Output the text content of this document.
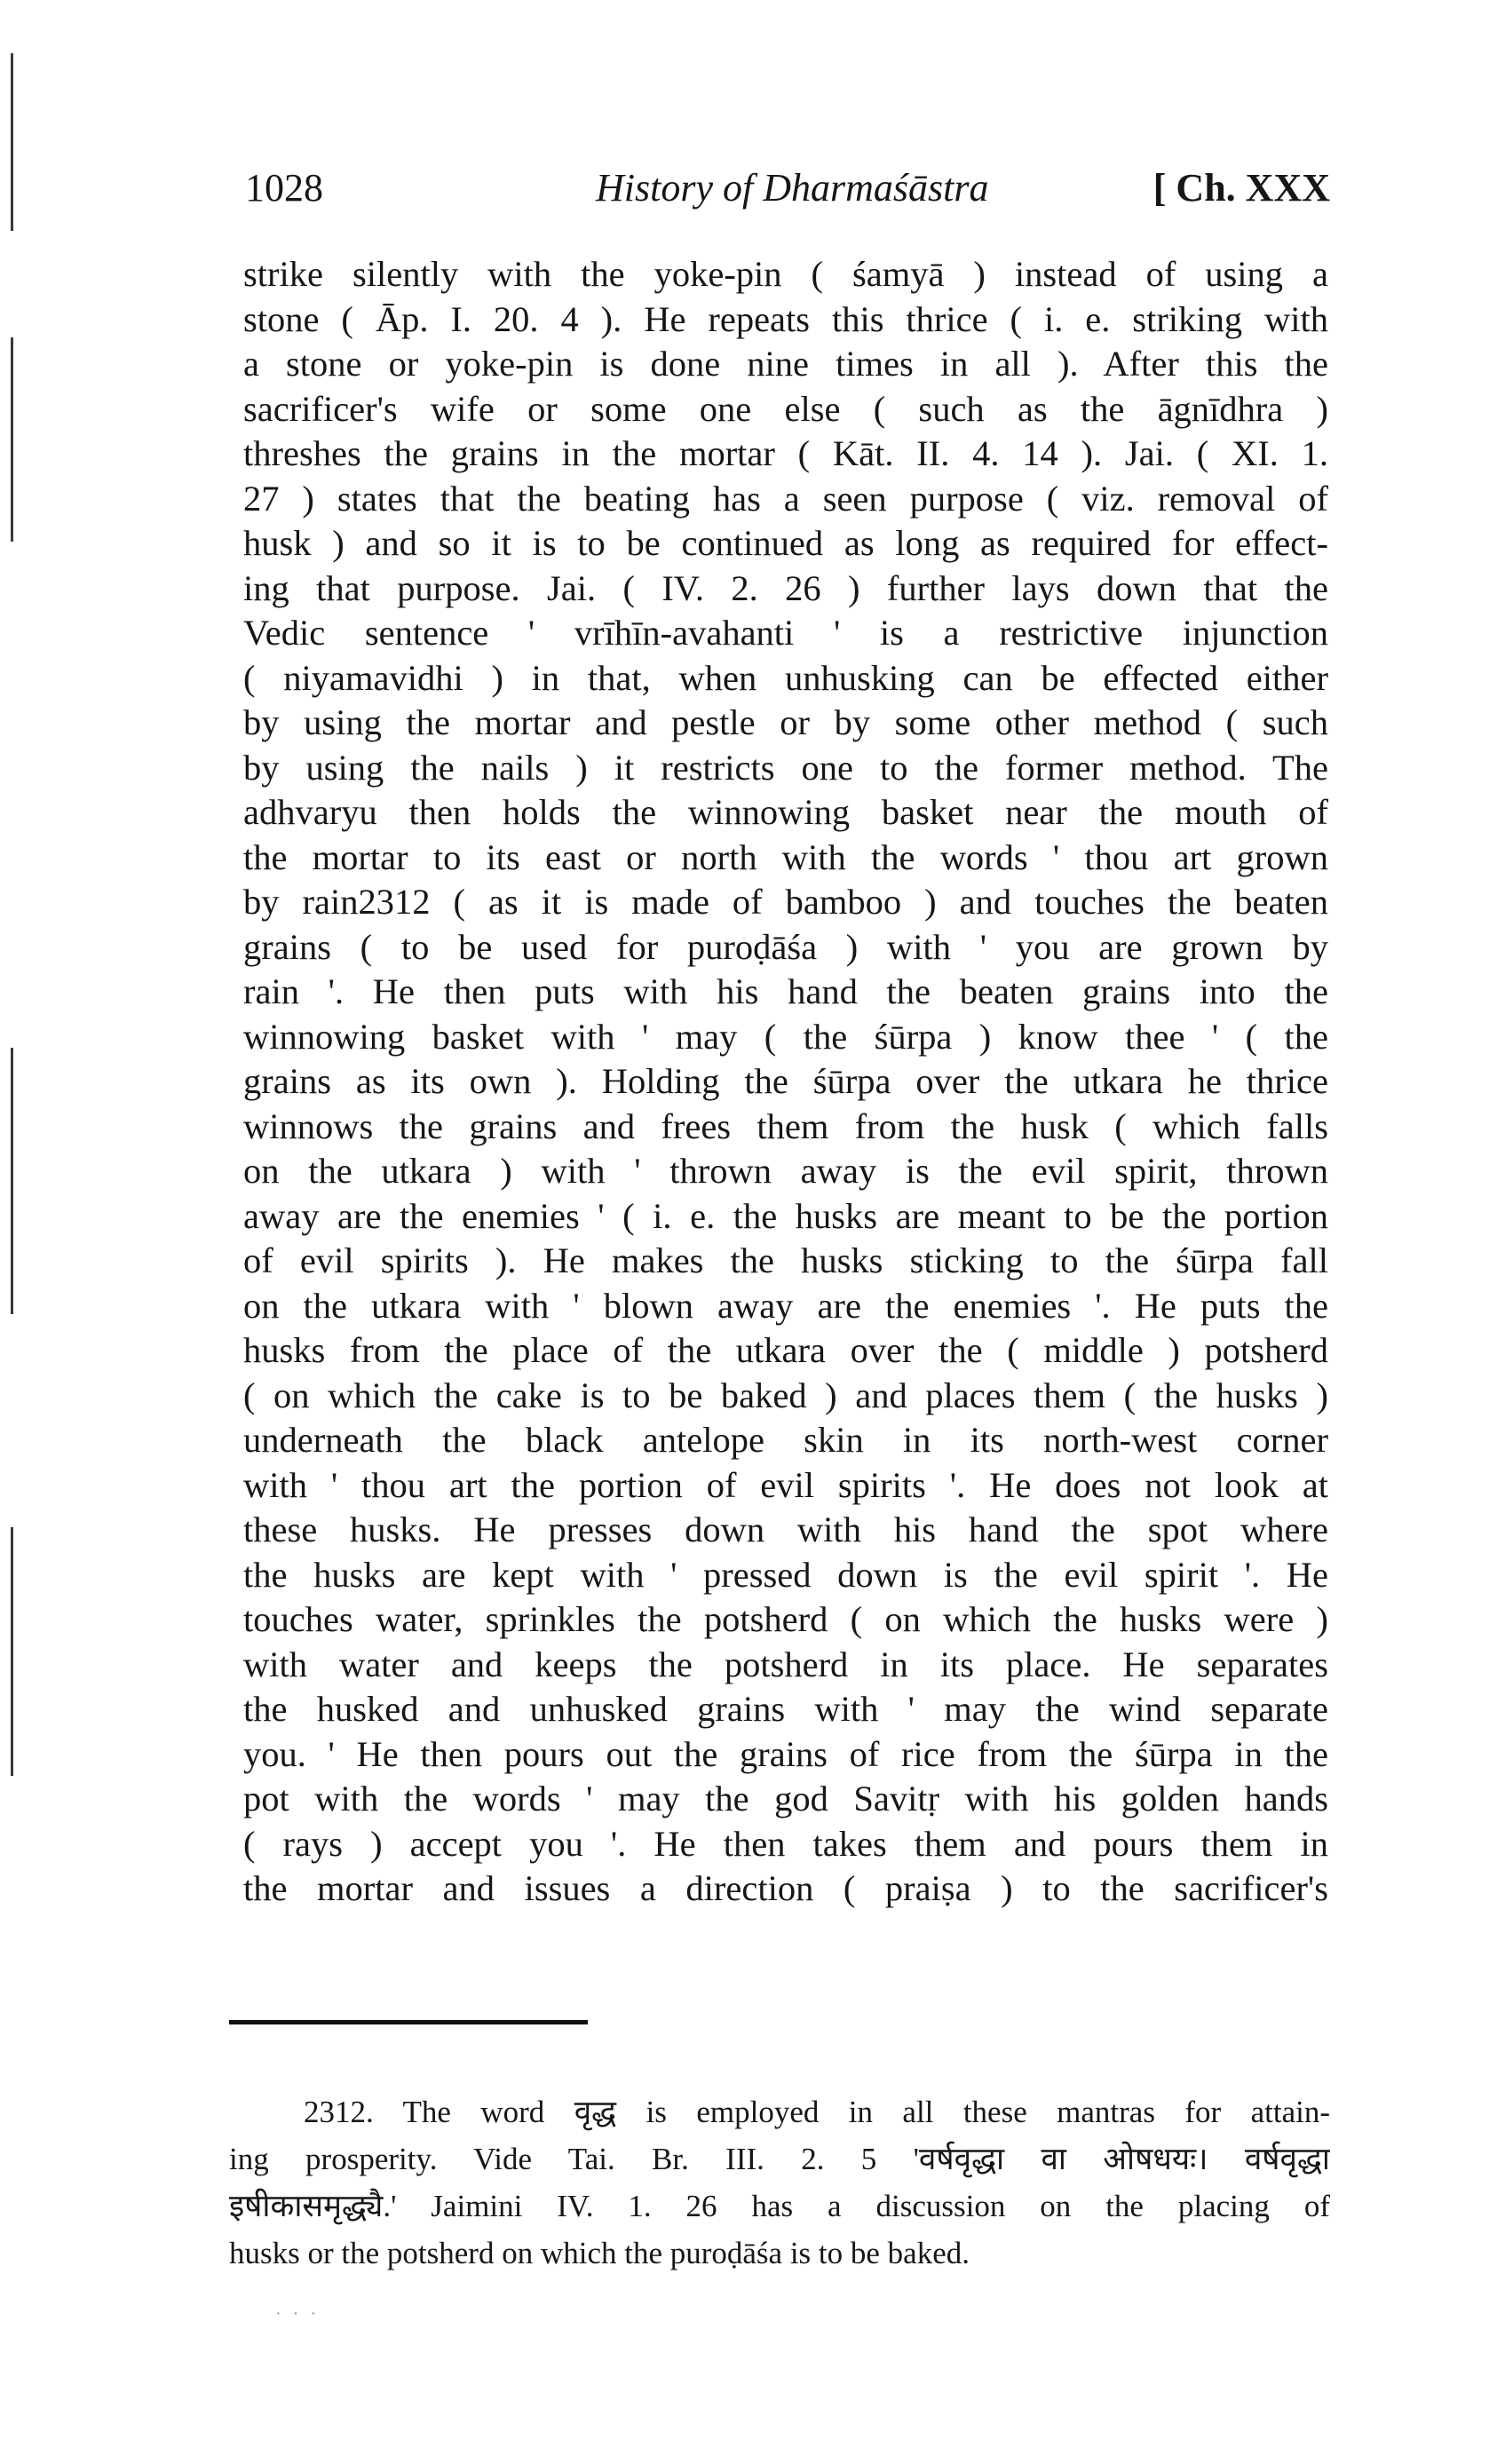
1028	History of Dharmaśāstra	[ Ch. XXX
strike silently with the yoke-pin ( śamyā ) instead of using a
stone ( Āp. I. 20. 4 ). He repeats this thrice ( i. e. striking with
a stone or yoke-pin is done nine times in all ). After this the
sacrificer's wife or some one else ( such as the āgnīdhra )
threshes the grains in the mortar ( Kāt. II. 4. 14 ). Jai. ( XI. 1.
27 ) states that the beating has a seen purpose ( viz. removal of
husk ) and so it is to be continued as long as required for effect-
ing that purpose. Jai. ( IV. 2. 26 ) further lays down that the
Vedic sentence ' vrīhīn-avahanti ' is a restrictive injunction
( niyamavidhi ) in that, when unhusking can be effected either
by using the mortar and pestle or by some other method ( such
by using the nails ) it restricts one to the former method. The
adhvaryu then holds the winnowing basket near the mouth of
the mortar to its east or north with the words ' thou art grown
by rain2312 ( as it is made of bamboo ) and touches the beaten
grains ( to be used for puroḍāśa ) with ' you are grown by
rain '. He then puts with his hand the beaten grains into the
winnowing basket with ' may ( the śūrpa ) know thee ' ( the
grains as its own ). Holding the śūrpa over the utkara he thrice
winnows the grains and frees them from the husk ( which falls
on the utkara ) with ' thrown away is the evil spirit, thrown
away are the enemies ' ( i. e. the husks are meant to be the portion
of evil spirits ). He makes the husks sticking to the śūrpa fall
on the utkara with ' blown away are the enemies '. He puts the
husks from the place of the utkara over the ( middle ) potsherd
( on which the cake is to be baked ) and places them ( the husks )
underneath the black antelope skin in its north-west corner
with ' thou art the portion of evil spirits '. He does not look at
these husks. He presses down with his hand the spot where
the husks are kept with ' pressed down is the evil spirit '. He
touches water, sprinkles the potsherd ( on which the husks were )
with water and keeps the potsherd in its place. He separates
the husked and unhusked grains with ' may the wind separate
you. ' He then pours out the grains of rice from the śūrpa in the
pot with the words ' may the god Savitṛ with his golden hands
( rays ) accept you '. He then takes them and pours them in
the mortar and issues a direction ( praiṣa ) to the sacrificer's
2312. The word वृद्ध is employed in all these mantras for attain-
ing prosperity. Vide Tai. Br. III. 2. 5 'वर्षवृद्धा वा ओषधयः। वर्षवृद्धा
इषीकासमृद्ध्यै.' Jaimini IV. 1. 26 has a discussion on the placing of
husks or the potsherd on which the puroḍāśa is to be baked.
· · ·
